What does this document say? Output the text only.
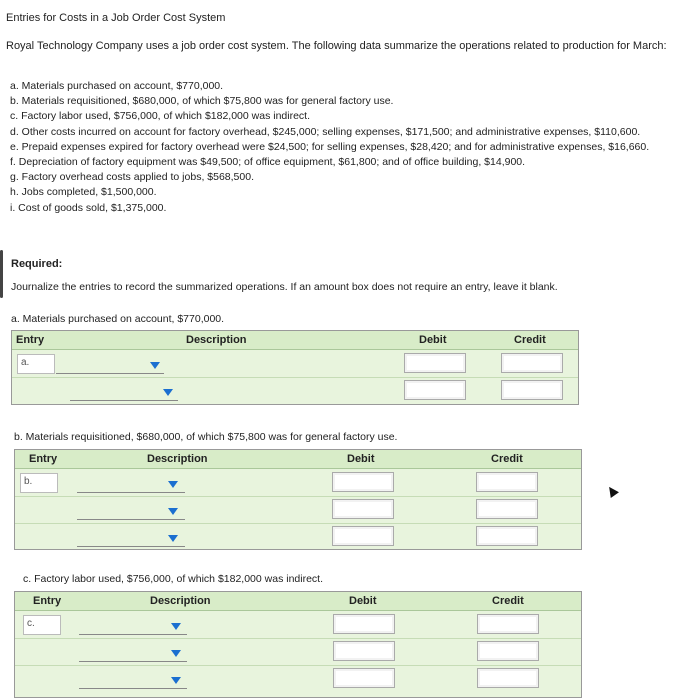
Entries for Costs in a Job Order Cost System
Royal Technology Company uses a job order cost system. The following data summarize the operations related to production for March:
a. Materials purchased on account, $770,000.
b. Materials requisitioned, $680,000, of which $75,800 was for general factory use.
c. Factory labor used, $756,000, of which $182,000 was indirect.
d. Other costs incurred on account for factory overhead, $245,000; selling expenses, $171,500; and administrative expenses, $110,600.
e. Prepaid expenses expired for factory overhead were $24,500; for selling expenses, $28,420; and for administrative expenses, $16,660.
f. Depreciation of factory equipment was $49,500; of office equipment, $61,800; and of office building, $14,900.
g. Factory overhead costs applied to jobs, $568,500.
h. Jobs completed, $1,500,000.
i. Cost of goods sold, $1,375,000.
Required:
Journalize the entries to record the summarized operations. If an amount box does not require an entry, leave it blank.
a. Materials purchased on account, $770,000.
Entry	Description	Debit	Credit
a.
b. Materials requisitioned, $680,000, of which $75,800 was for general factory use.
Entry	Description	Debit	Credit
b.
c. Factory labor used, $756,000, of which $182,000 was indirect.
Entry	Description	Debit	Credit
c.
